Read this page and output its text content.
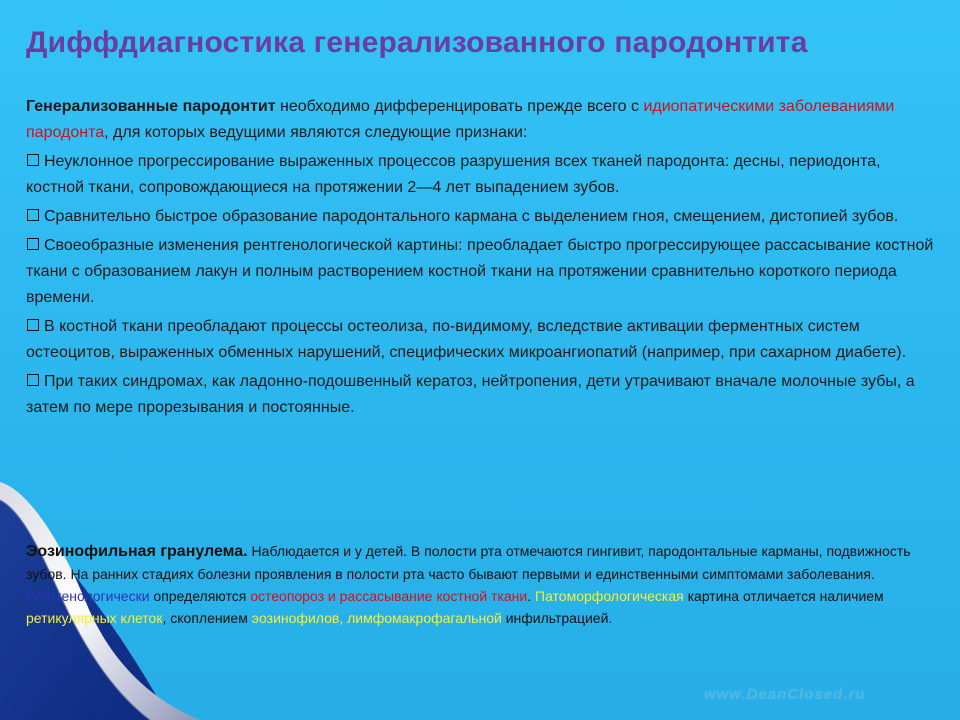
Диффдиагностика генерализованного пародонтита

Генерализованные пародонтит необходимо дифференцировать прежде всего с идиопатическими заболеваниями пародонта, для которых ведущими являются следующие признаки:

Неуклонное прогрессирование выраженных процессов разрушения всех тканей пародонта: десны, периодонта, костной ткани, сопровождающиеся на протяжении 2—4 лет выпадением зубов.

Сравнительно быстрое образование пародонтального кармана с выделением гноя, смещением, дистопией зубов.

Своеобразные изменения рентгенологической картины: преобладает быстро прогрессирующее рассасывание костной ткани с образованием лакун и полным растворением костной ткани на протяжении сравнительно короткого периода времени.

В костной ткани преобладают процессы остеолиза, по-видимому, вследствие активации ферментных систем остеоцитов, выраженных обменных нарушений, специфических микроангиопатий (например, при сахарном диабете).

При таких синдромах, как ладонно-подошвенный кератоз, нейтропения, дети утрачивают вначале молочные зубы, а затем по мере прорезывания и постоянные.

Эозинофильная гранулема. Наблюдается и у детей. В полости рта отмечаются гингивит, пародонтальные карманы, подвижность зубов. На ранних стадиях болезни проявления в полости рта часто бывают первыми и единственными симптомами заболевания. Рентгенологически определяются остеопороз и рассасывание костной ткани. Патоморфологическая картина отличается наличием ретикулярных клеток, скоплением эозинофилов, лимфомакрофагальной инфильтрацией.
www.DeanClosed.ru
